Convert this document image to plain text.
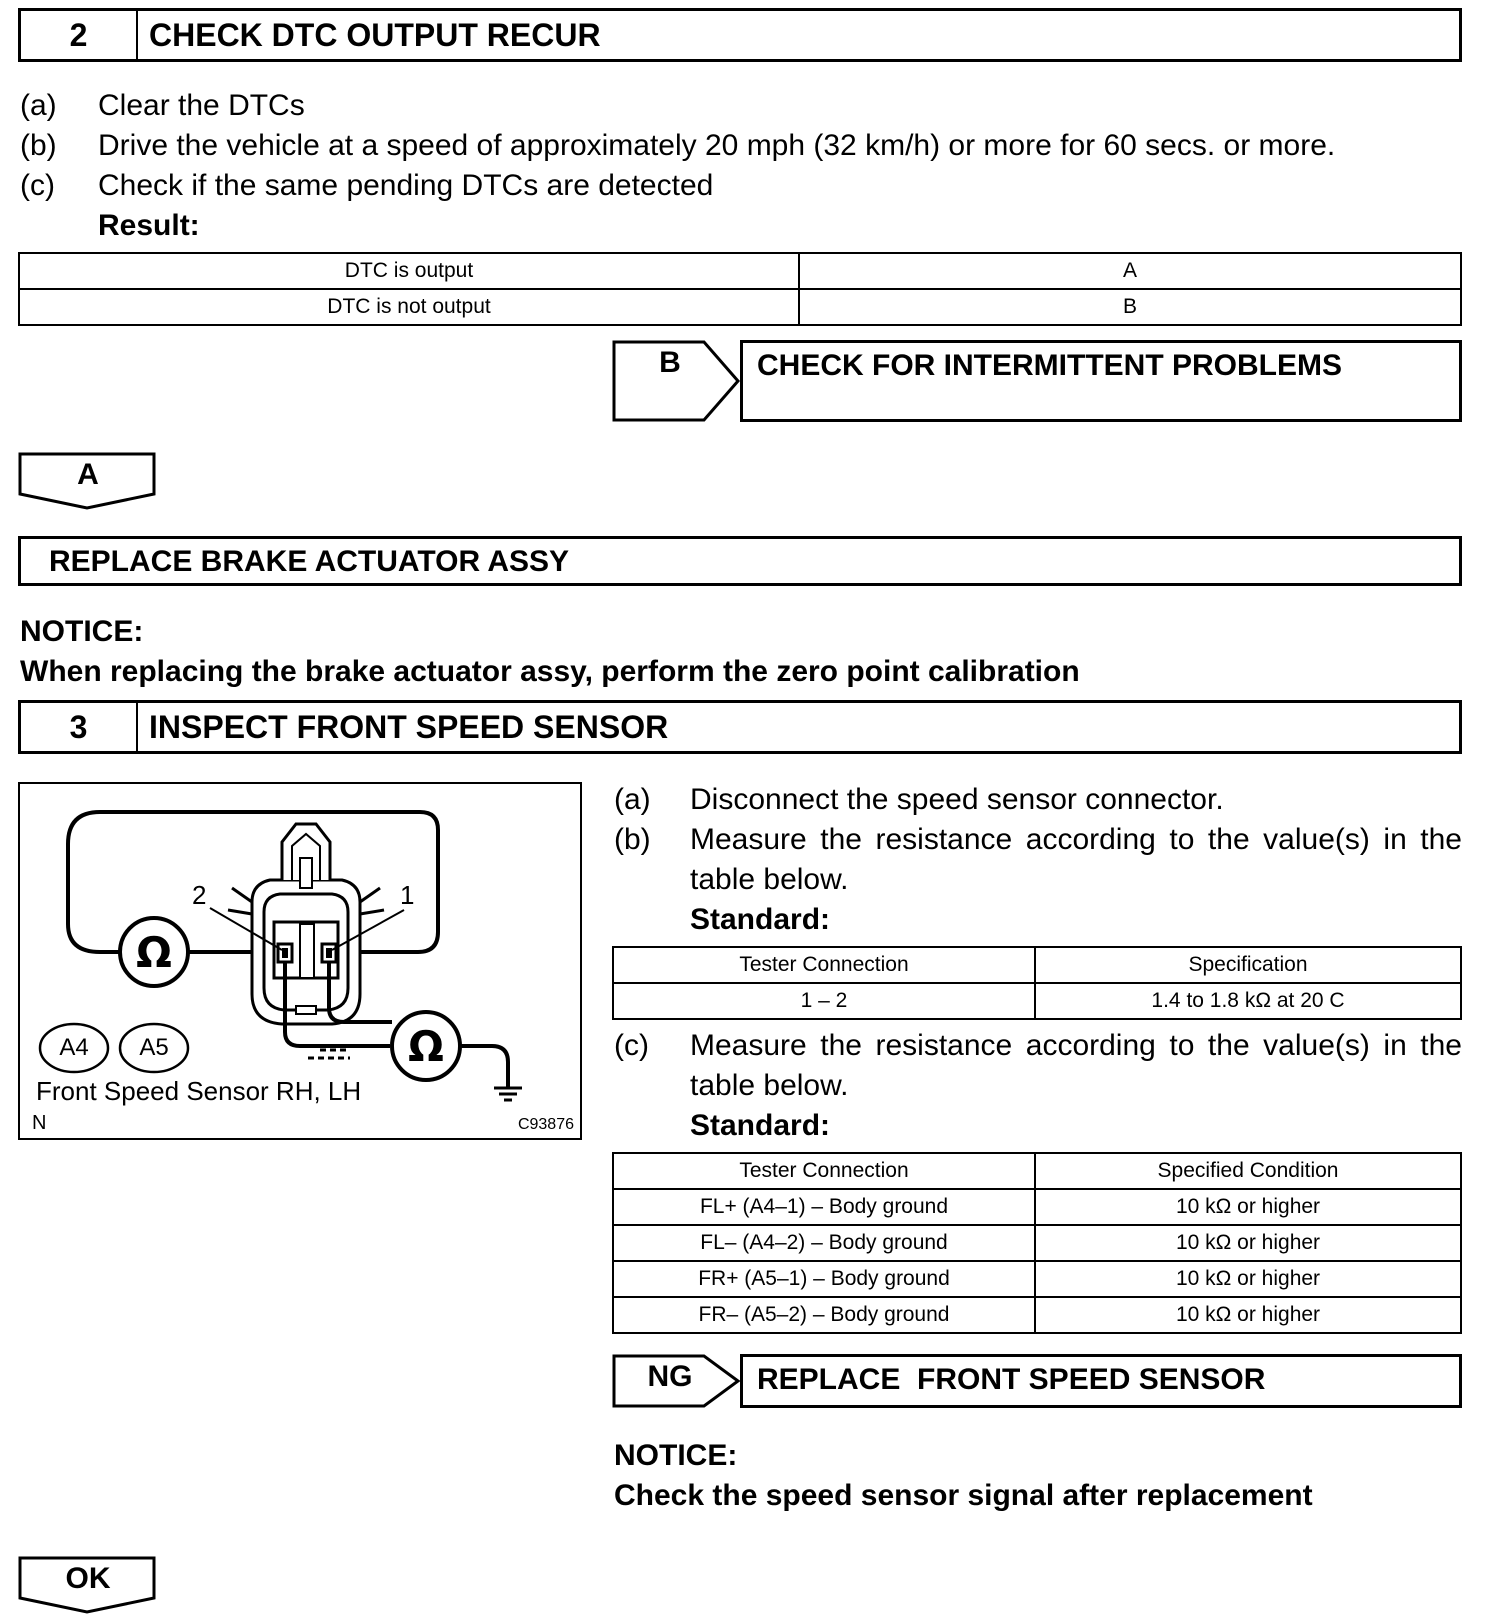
2	CHECK DTC OUTPUT RECUR
(a)	Clear the DTCs
(b)	Drive the vehicle at a speed of approximately 20 mph (32 km/h) or more for 60 secs. or more.
(c)	Check if the same pending DTCs are detected
Result:
DTC is output	A
DTC is not output	B
B	CHECK FOR INTERMITTENT PROBLEMS
A
REPLACE BRAKE ACTUATOR ASSY
NOTICE:
When replacing the brake actuator assy, perform the zero point calibration
3	INSPECT FRONT SPEED SENSOR
Ω
Ω
2	1
A4	A5
Front Speed Sensor RH, LH
N	C93876
(a)	Disconnect the speed sensor connector.
(b)	Measure the resistance according to the value(s) in the table below.
Standard:
Tester Connection	Specification
1 – 2	1.4 to 1.8 kΩ at 20 C
(c)	Measure the resistance according to the value(s) in the table below.
Standard:
Tester Connection	Specified Condition
FL+ (A4–1) – Body ground	10 kΩ or higher
FL– (A4–2) – Body ground	10 kΩ or higher
FR+ (A5–1) – Body ground	10 kΩ or higher
FR– (A5–2) – Body ground	10 kΩ or higher
NG	REPLACE  FRONT SPEED SENSOR
NOTICE:
Check the speed sensor signal after replacement
OK
